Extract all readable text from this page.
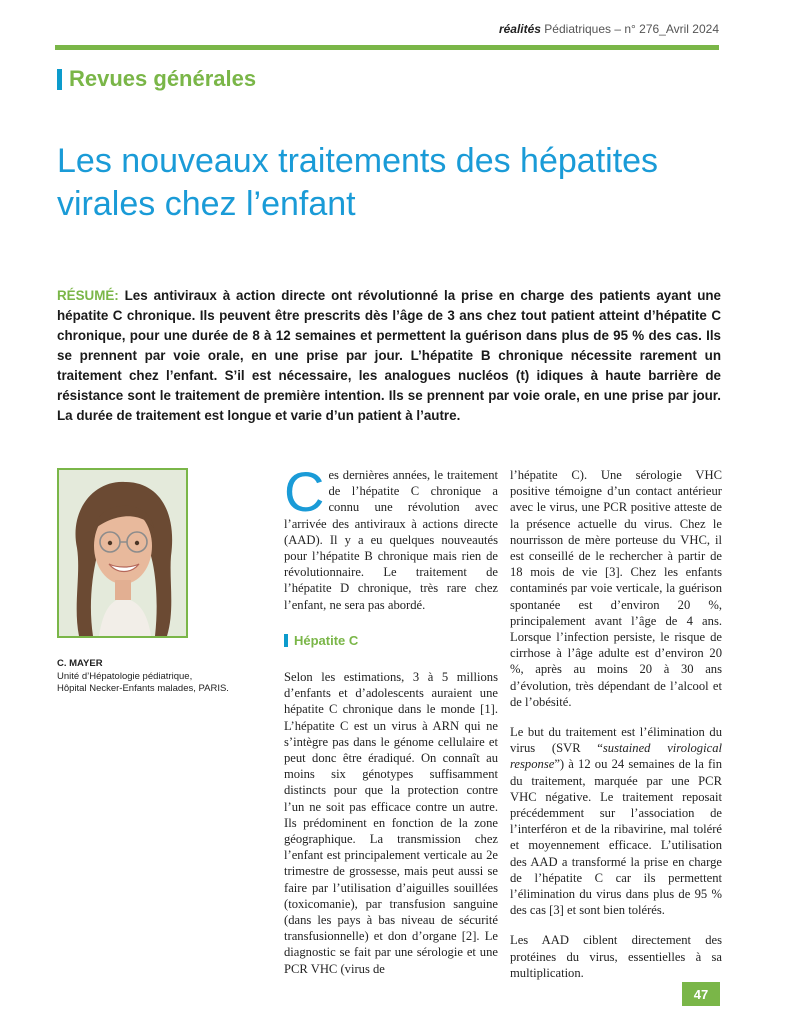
réalités Pédiatriques – n° 276_Avril 2024
Revues générales
Les nouveaux traitements des hépatites virales chez l’enfant
RÉSUMÉ: Les antiviraux à action directe ont révolutionné la prise en charge des patients ayant une hépatite C chronique. Ils peuvent être prescrits dès l’âge de 3 ans chez tout patient atteint d’hépatite C chronique, pour une durée de 8 à 12 semaines et permettent la guérison dans plus de 95 % des cas. Ils se prennent par voie orale, en une prise par jour. L’hépatite B chronique nécessite rarement un traitement chez l’enfant. S’il est nécessaire, les analogues nucléos (t) idiques à haute barrière de résistance sont le traitement de première intention. Ils se prennent par voie orale, en une prise par jour. La durée de traitement est longue et varie d’un patient à l’autre.
C. MAYER
Unité d’Hépatologie pédiatrique,
Hôpital Necker-Enfants malades, PARIS.

Ces dernières années, le traitement de l’hépatite C chronique a connu une révolution avec l’arrivée des antiviraux à actions directe (AAD). Il y a eu quelques nouveautés pour l’hépatite B chronique mais rien de révolutionnaire. Le traitement de l’hépatite D chronique, très rare chez l’enfant, ne sera pas abordé.

Hépatite C

Selon les estimations, 3 à 5 millions d’enfants et d’adolescents auraient une hépatite C chronique dans le monde [1]. L’hépatite C est un virus à ARN qui ne s’intègre pas dans le génome cellulaire et peut donc être éradiqué. On connaît au moins six génotypes suffisamment distincts pour que la protection contre l’un ne soit pas efficace contre un autre. Ils prédominent en fonction de la zone géographique. La transmission chez l’enfant est principalement verticale au 2e trimestre de grossesse, mais peut aussi se faire par l’utilisation d’aiguilles souillées (toxicomanie), par transfusion sanguine (dans les pays à bas niveau de sécurité transfusionnelle) et don d’organe [2]. Le diagnostic se fait par une sérologie et une PCR VHC (virus de

l’hépatite C). Une sérologie VHC positive témoigne d’un contact antérieur avec le virus, une PCR positive atteste de la présence actuelle du virus. Chez le nourrisson de mère porteuse du VHC, il est conseillé de le rechercher à partir de 18 mois de vie [3]. Chez les enfants contaminés par voie verticale, la guérison spontanée est d’environ 20 %, principalement avant l’âge de 4 ans. Lorsque l’infection persiste, le risque de cirrhose à l’âge adulte est d’environ 20 %, après au moins 20 à 30 ans d’évolution, très dépendant de l’alcool et de l’obésité.

Le but du traitement est l’élimination du virus (SVR “sustained virological response”) à 12 ou 24 semaines de la fin du traitement, marquée par une PCR VHC négative. Le traitement reposait précédemment sur l’association de l’interféron et de la ribavirine, mal toléré et moyennement efficace. L’utilisation des AAD a transformé la prise en charge de l’hépatite C car ils permettent l’élimination du virus dans plus de 95 % des cas [3] et sont bien tolérés.

Les AAD ciblent directement des protéines du virus, essentielles à sa multiplication.

47
